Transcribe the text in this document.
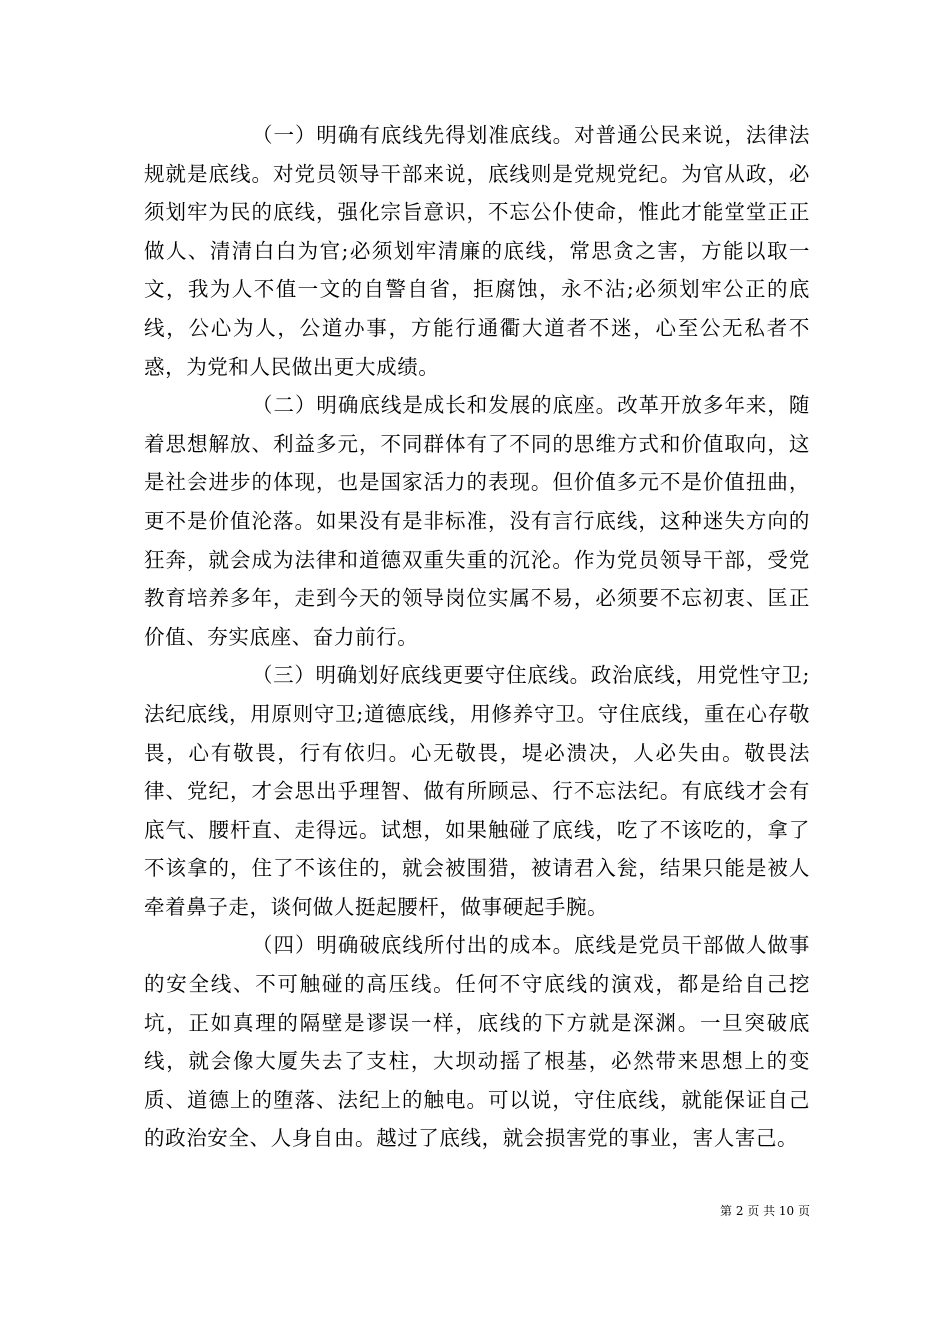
（一）明确有底线先得划准底线。对普通公民来说，法律法规就是底线。对党员领导干部来说，底线则是党规党纪。为官从政，必须划牢为民的底线，强化宗旨意识，不忘公仆使命，惟此才能堂堂正正做人、清清白白为官;必须划牢清廉的底线，常思贪之害，方能以取一文，我为人不值一文的自警自省，拒腐蚀，永不沾;必须划牢公正的底线，公心为人，公道办事，方能行通衢大道者不迷，心至公无私者不惑，为党和人民做出更大成绩。

（二）明确底线是成长和发展的底座。改革开放多年来，随着思想解放、利益多元，不同群体有了不同的思维方式和价值取向，这是社会进步的体现，也是国家活力的表现。但价值多元不是价值扭曲，更不是价值沦落。如果没有是非标准，没有言行底线，这种迷失方向的狂奔，就会成为法律和道德双重失重的沉沦。作为党员领导干部，受党教育培养多年，走到今天的领导岗位实属不易，必须要不忘初衷、匡正价值、夯实底座、奋力前行。

（三）明确划好底线更要守住底线。政治底线，用党性守卫;法纪底线，用原则守卫;道德底线，用修养守卫。守住底线，重在心存敬畏，心有敬畏，行有依归。心无敬畏，堤必溃决，人必失由。敬畏法律、党纪，才会思出乎理智、做有所顾忌、行不忘法纪。有底线才会有底气、腰杆直、走得远。试想，如果触碰了底线，吃了不该吃的，拿了不该拿的，住了不该住的，就会被围猎，被请君入瓮，结果只能是被人牵着鼻子走，谈何做人挺起腰杆，做事硬起手腕。

（四）明确破底线所付出的成本。底线是党员干部做人做事的安全线、不可触碰的高压线。任何不守底线的演戏，都是给自己挖坑，正如真理的隔壁是谬误一样，底线的下方就是深渊。一旦突破底线，就会像大厦失去了支柱，大坝动摇了根基，必然带来思想上的变质、道德上的堕落、法纪上的触电。可以说，守住底线，就能保证自己的政治安全、人身自由。越过了底线，就会损害党的事业，害人害己。

第 2 页 共 10 页
